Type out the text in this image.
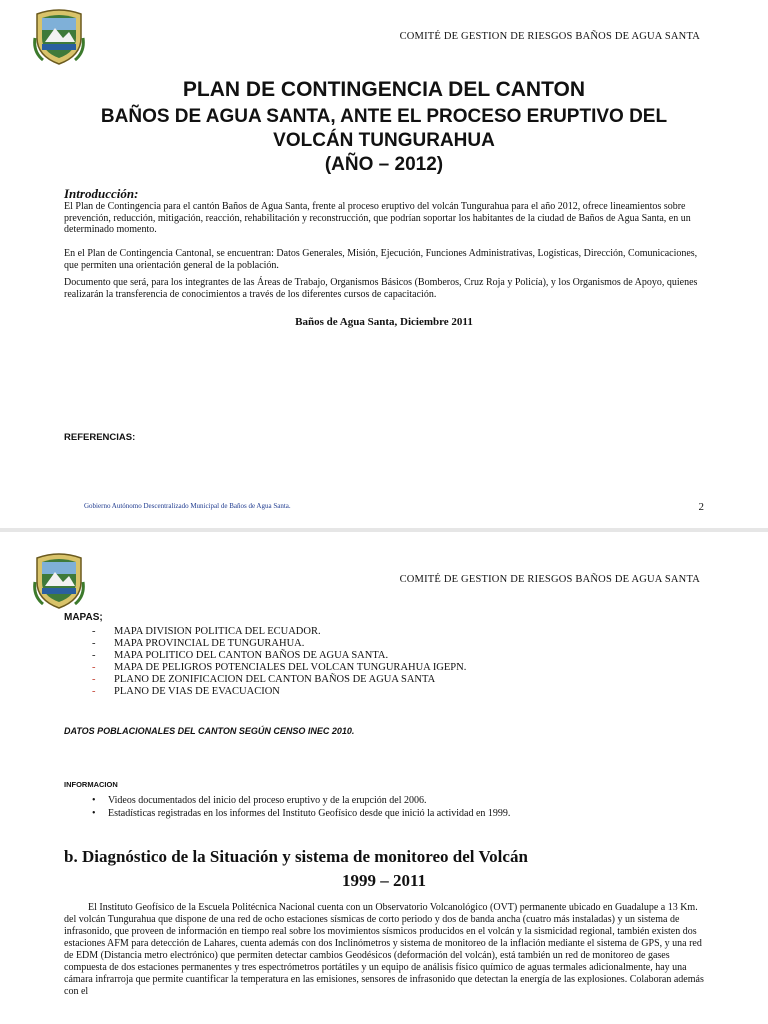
COMITÉ DE GESTION DE RIESGOS BAÑOS DE AGUA SANTA
PLAN DE CONTINGENCIA DEL CANTON
BAÑOS DE AGUA SANTA, ANTE EL PROCESO ERUPTIVO DEL
VOLCÁN TUNGURAHUA
(AÑO – 2012)
Introducción:
El Plan de Contingencia para el cantón Baños de Agua Santa, frente al proceso eruptivo del volcán Tungurahua para el año 2012, ofrece lineamientos sobre prevención, reducción, mitigación, reacción, rehabilitación y reconstrucción, que podrían soportar los habitantes de la ciudad de Baños de Agua Santa, en un determinado momento.
En el Plan de Contingencia Cantonal, se encuentran: Datos Generales, Misión, Ejecución, Funciones Administrativas, Logísticas, Dirección, Comunicaciones, que permiten una orientación general de la población.
Documento que será, para los integrantes de las Áreas de Trabajo, Organismos Básicos (Bomberos, Cruz Roja y Policía), y los Organismos de Apoyo, quienes realizarán la transferencia de conocimientos a través de los diferentes cursos de capacitación.
Baños de Agua Santa, Diciembre 2011
REFERENCIAS:
Gobierno Autónomo Descentralizado Municipal de Baños de Agua Santa.	2
COMITÉ DE GESTION DE RIESGOS BAÑOS DE AGUA SANTA
MAPAS;
- MAPA DIVISION POLITICA DEL ECUADOR.
- MAPA PROVINCIAL DE TUNGURAHUA.
- MAPA POLITICO DEL CANTON BAÑOS DE AGUA SANTA.
- MAPA DE PELIGROS POTENCIALES DEL VOLCAN TUNGURAHUA IGEPN.
- PLANO DE ZONIFICACION DEL CANTON BAÑOS DE AGUA SANTA
- PLANO DE VIAS DE EVACUACION
DATOS POBLACIONALES DEL CANTON SEGÚN CENSO INEC 2010.
INFORMACION
• Videos documentados del inicio del proceso eruptivo y de la erupción del 2006.
• Estadísticas registradas en los informes del Instituto Geofísico desde que inició la actividad en 1999.
b. Diagnóstico de la Situación y sistema de monitoreo del Volcán
1999 – 2011
El Instituto Geofísico de la Escuela Politécnica Nacional cuenta con un Observatorio Volcanológico (OVT) permanente ubicado en Guadalupe a 13 Km. del volcán Tungurahua que dispone de una red de ocho estaciones sísmicas de corto periodo y dos de banda ancha (cuatro más instaladas) y un sistema de infrasonido, que proveen de información en tiempo real sobre los movimientos sísmicos producidos en el volcán y la sismicidad regional, también existen dos estaciones AFM para detección de Lahares, cuenta además con dos Inclinómetros y sistema de monitoreo de la inflación mediante el sistema de GPS, y una red de EDM (Distancia metro electrónico) que permiten detectar cambios Geodésicos (deformación del volcán), está también un red de monitoreo de gases compuesta de dos estaciones permanentes y tres espectrómetros portátiles y un equipo de análisis físico químico de aguas termales adicionalmente, hay una cámara infrarroja que permite cuantificar la temperatura en las emisiones, sensores de infrasonido que detectan la energía de las explosiones. Colaboran además con el
